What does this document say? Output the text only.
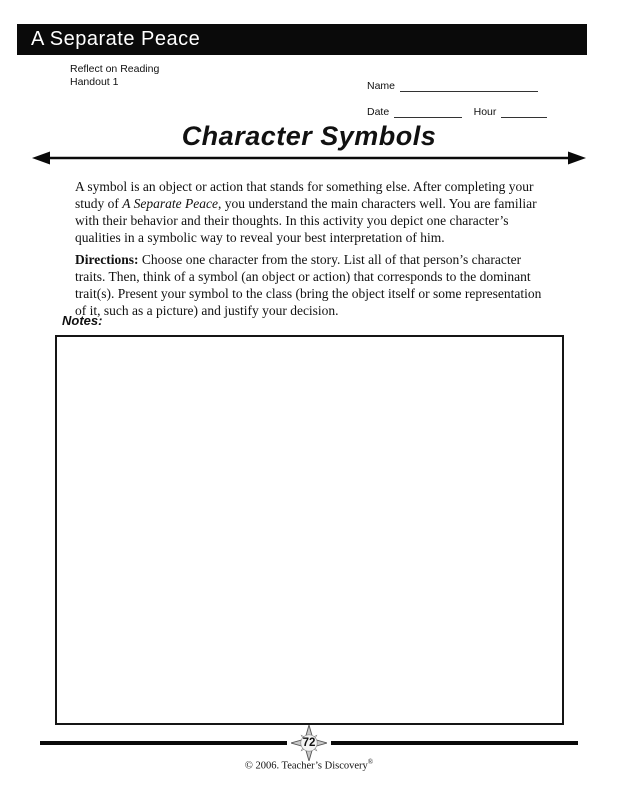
A Separate Peace
Reflect on Reading
Handout 1	Name
Date	Hour
Character Symbols

A symbol is an object or action that stands for something else. After completing your study of A Separate Peace, you understand the main characters well. You are familiar with their behavior and their thoughts. In this activity you depict one character’s qualities in a symbolic way to reveal your best interpretation of him.

Directions: Choose one character from the story. List all of that person’s character traits. Then, think of a symbol (an object or action) that corresponds to the dominant trait(s). Present your symbol to the class (bring the object itself or some representation of it, such as a picture) and justify your decision.

Notes:

72
© 2006. Teacher’s Discovery®
